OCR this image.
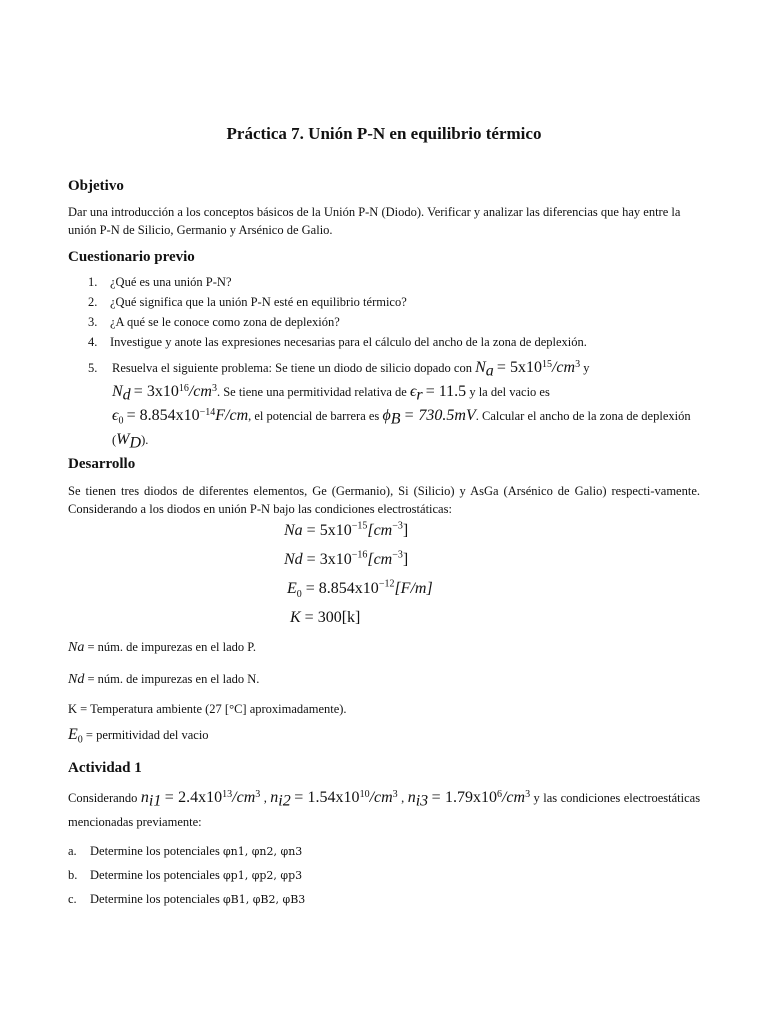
Práctica 7. Unión P-N en equilibrio térmico
Objetivo
Dar una introducción a los conceptos básicos de la Unión P-N (Diodo). Verificar y analizar las diferencias que hay entre la unión P-N de Silicio, Germanio y Arsénico de Galio.
Cuestionario previo
1. ¿Qué es una unión P-N?
2. ¿Qué significa que la unión P-N esté en equilibrio térmico?
3. ¿A qué se le conoce como zona de deplexión?
4. Investigue y anote las expresiones necesarias para el cálculo del ancho de la zona de deplexión.
5.	Resuelva el siguiente problema: Se tiene un diodo de silicio dopado con $N_a = 5x10^{15}/cm^3$ y
$N_d = 3x10^{16}/cm^3$. Se tiene una permitividad relativa de $\epsilon_r = 11.5$ y la del vacio es
$\epsilon_0 = 8.854x10^{-14}F/cm$, el potencial de barrera es $\phi_B = 730.5mV$. Calcular el ancho de la zona de deplexión $(W_D)$.
Desarrollo
Se tienen tres diodos de diferentes elementos, Ge (Germanio), Si (Silicio) y AsGa (Arsénico de Galio) respecti-vamente. Considerando a los diodos en unión P-N bajo las condiciones electrostáticas:
$Na = 5x10^{-15}[cm^{-3}]$
$Nd = 3x10^{-16}[cm^{-3}]$
$E_0 = 8.854x10^{-12}[F/m]$
K = 300[k]
Na = núm. de impurezas en el lado P.
Nd = núm. de impurezas en el lado N.
K = Temperatura ambiente (27 [°C] aproximadamente).
$E_0$ = permitividad del vacio
Actividad 1
Considerando $n_{i1} = 2.4x10^{13}/cm^3$ , $n_{i2} = 1.54x10^{10}/cm^3$ , $n_{i3} = 1.79x10^6/cm^3$ y las condiciones electroestáticas mencionadas previamente:
a. Determine los potenciales φn1, φn2, φn3
b. Determine los potenciales φp1, φp2, φp3
c. Determine los potenciales φB1, φB2, φB3
